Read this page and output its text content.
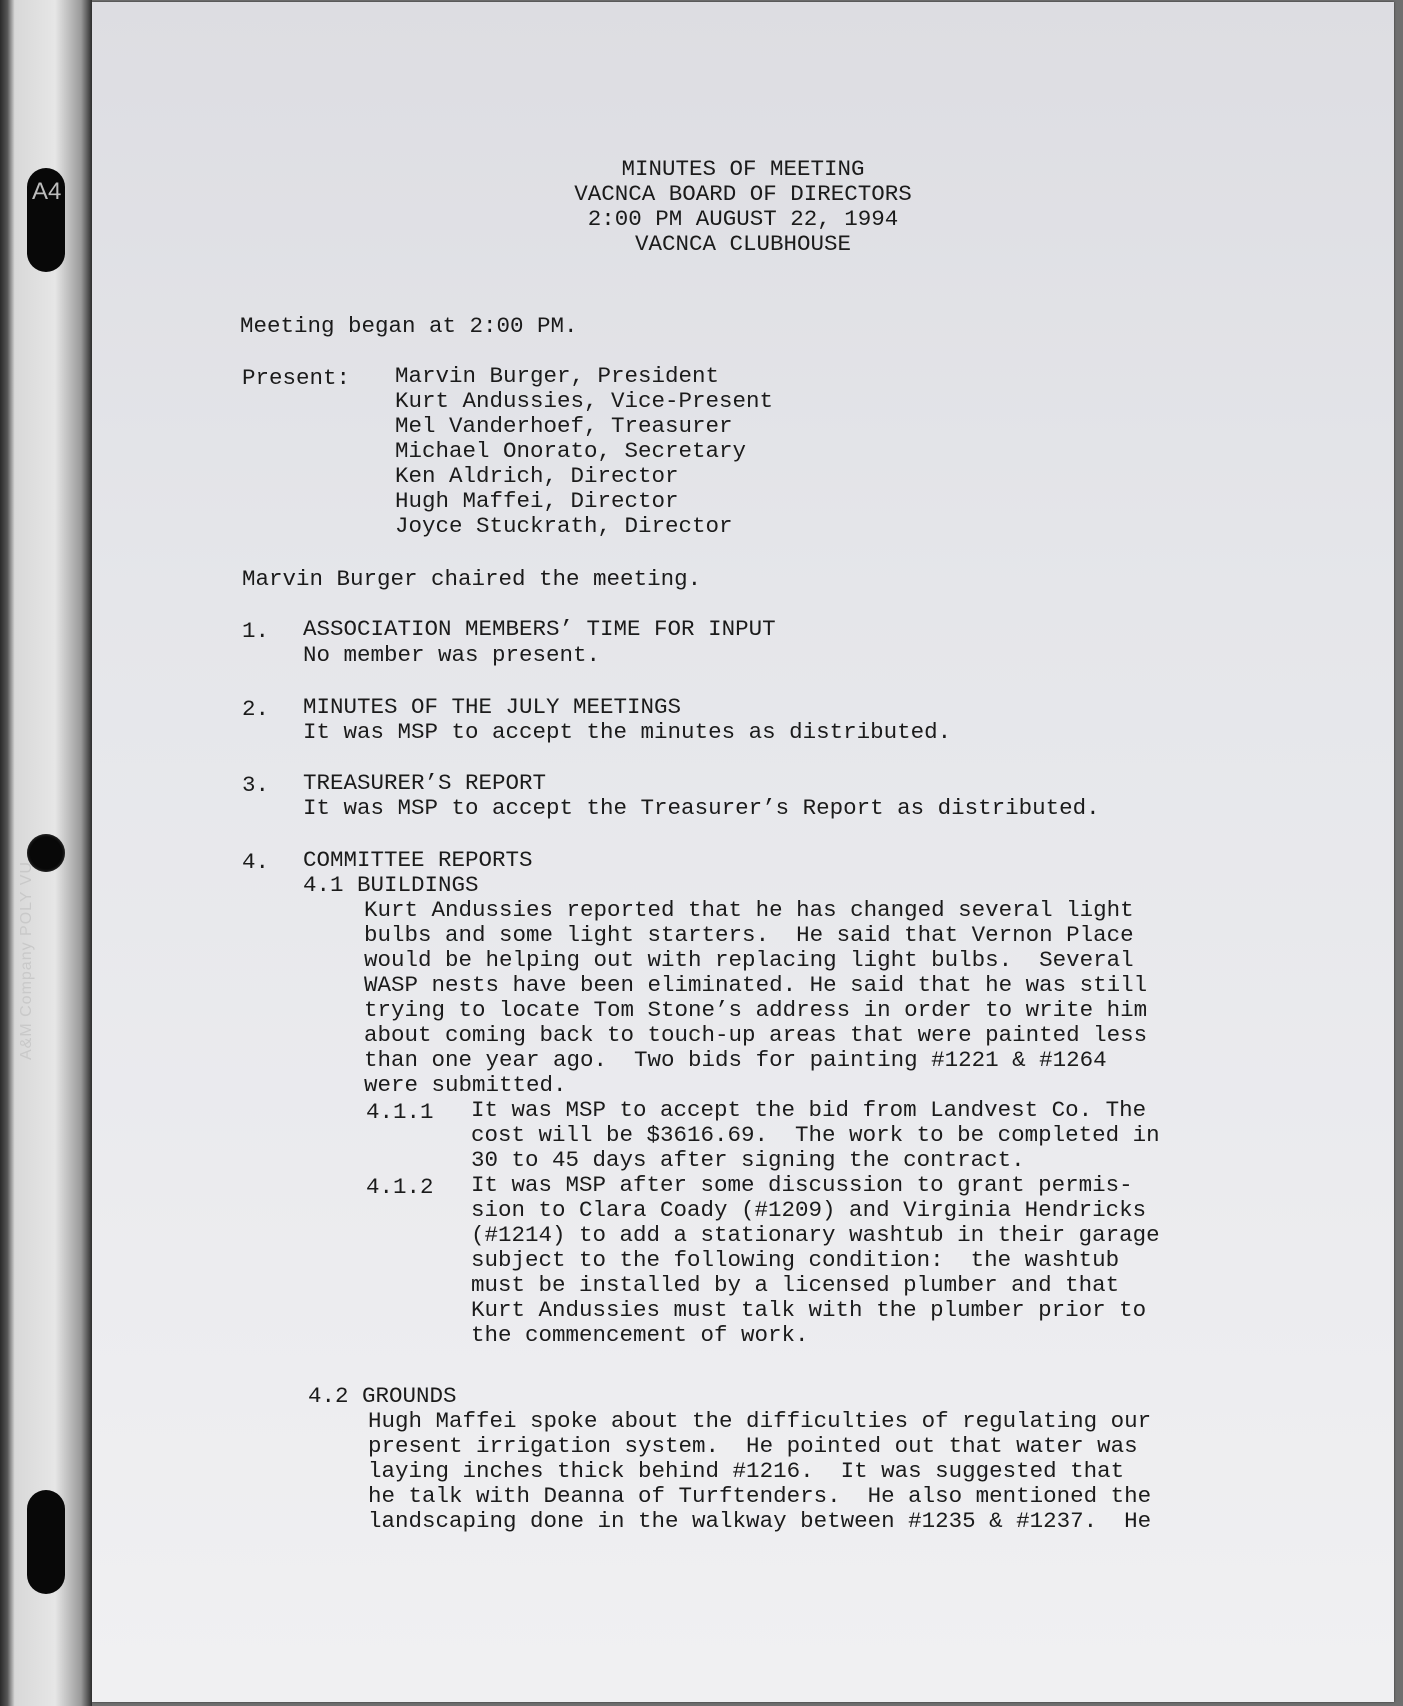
A4
A&M Company POLY VU

MINUTES OF MEETING

VACNCA BOARD OF DIRECTORS

2:00 PM AUGUST 22, 1994

VACNCA CLUBHOUSE

Meeting began at 2:00 PM.

Present: Marvin Burger, President

Kurt Andussies, Vice-Present

Mel Vanderhoef, Treasurer

Michael Onorato, Secretary

Ken Aldrich, Director

Hugh Maffei, Director

Joyce Stuckrath, Director

Marvin Burger chaired the meeting.

1. ASSOCIATION MEMBERS’ TIME FOR INPUT

No member was present.

2. MINUTES OF THE JULY MEETINGS

It was MSP to accept the minutes as distributed.

3. TREASURER’S REPORT

It was MSP to accept the Treasurer’s Report as distributed.

4. COMMITTEE REPORTS

4.1 BUILDINGS

Kurt Andussies reported that he has changed several light

bulbs and some light starters.  He said that Vernon Place

would be helping out with replacing light bulbs.  Several

WASP nests have been eliminated. He said that he was still

trying to locate Tom Stone’s address in order to write him

about coming back to touch-up areas that were painted less

than one year ago.  Two bids for painting #1221 & #1264

were submitted.

4.1.1 It was MSP to accept the bid from Landvest Co. The

cost will be $3616.69.  The work to be completed in

30 to 45 days after signing the contract.

4.1.2 It was MSP after some discussion to grant permis-

sion to Clara Coady (#1209) and Virginia Hendricks

(#1214) to add a stationary washtub in their garage

subject to the following condition:  the washtub

must be installed by a licensed plumber and that

Kurt Andussies must talk with the plumber prior to

the commencement of work.

4.2 GROUNDS

Hugh Maffei spoke about the difficulties of regulating our

present irrigation system.  He pointed out that water was

laying inches thick behind #1216.  It was suggested that

he talk with Deanna of Turftenders.  He also mentioned the

landscaping done in the walkway between #1235 & #1237.  He
